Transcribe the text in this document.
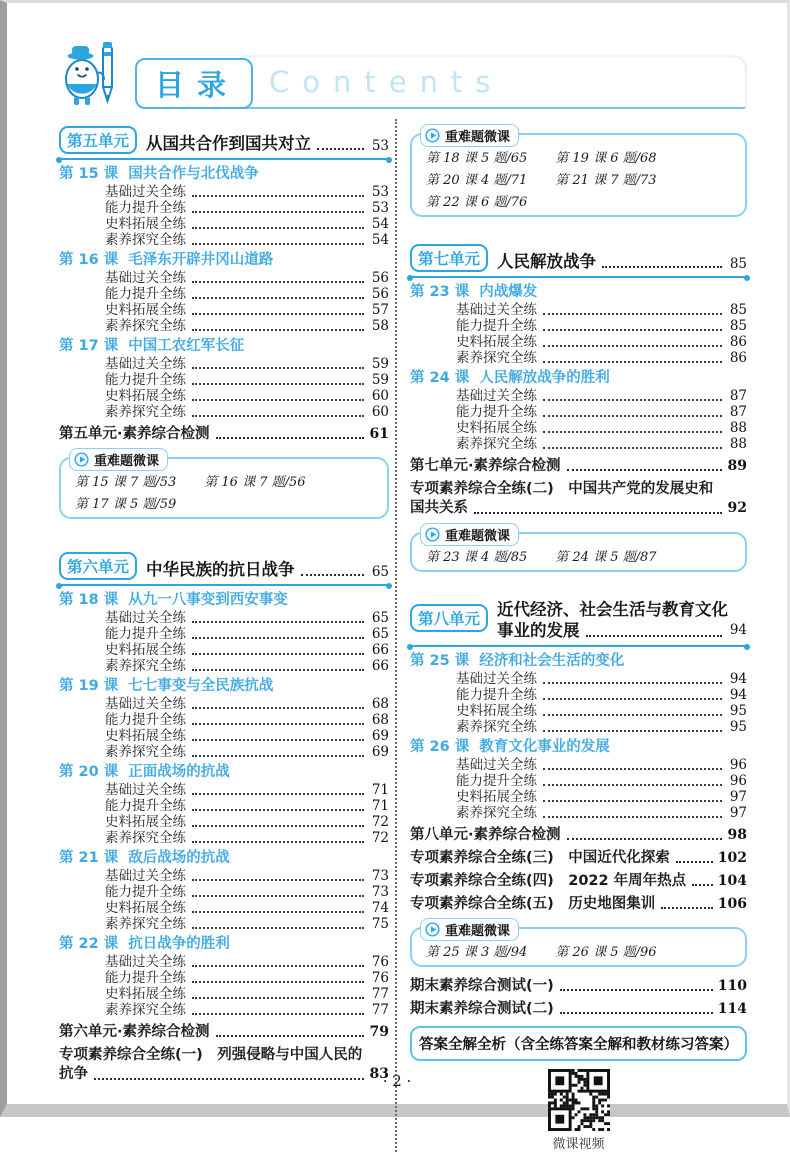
目录	Contents
第五单元	从国共合作到国共对立	53
第 15 课 国共合作与北伐战争
基础过关全练	53
能力提升全练	53
史料拓展全练	54
素养探究全练	54
第 16 课 毛泽东开辟井冈山道路
基础过关全练	56
能力提升全练	56
史料拓展全练	57
素养探究全练	58
第 17 课 中国工农红军长征
基础过关全练	59
能力提升全练	59
史料拓展全练	60
素养探究全练	60
第五单元·素养综合检测	61
重难题微课
第 15 课 7 题/53 第 16 课 7 题/56
第 17 课 5 题/59
第六单元	中华民族的抗日战争	65
第 18 课 从九一八事变到西安事变
基础过关全练	65
能力提升全练	65
史料拓展全练	66
素养探究全练	66
第 19 课 七七事变与全民族抗战
基础过关全练	68
能力提升全练	68
史料拓展全练	69
素养探究全练	69
第 20 课 正面战场的抗战
基础过关全练	71
能力提升全练	71
史料拓展全练	72
素养探究全练	72
第 21 课 敌后战场的抗战
基础过关全练	73
能力提升全练	73
史料拓展全练	74
素养探究全练	75
第 22 课 抗日战争的胜利
基础过关全练	76
能力提升全练	76
史料拓展全练	77
素养探究全练	77
第六单元·素养综合检测	79
专项素养综合全练(一)　列强侵略与中国人民的
抗争	83
重难题微课
第 18 课 5 题/65 第 19 课 6 题/68
第 20 课 4 题/71 第 21 课 7 题/73
第 22 课 6 题/76
第七单元	人民解放战争	85
第 23 课 内战爆发
基础过关全练	85
能力提升全练	85
史料拓展全练	86
素养探究全练	86
第 24 课 人民解放战争的胜利
基础过关全练	87
能力提升全练	87
史料拓展全练	88
素养探究全练	88
第七单元·素养综合检测	89
专项素养综合全练(二)　中国共产党的发展史和
国共关系	92
重难题微课
第 23 课 4 题/85 第 24 课 5 题/87
第八单元	近代经济、社会生活与教育文化
事业的发展	94
第 25 课 经济和社会生活的变化
基础过关全练	94
能力提升全练	94
史料拓展全练	95
素养探究全练	95
第 26 课 教育文化事业的发展
基础过关全练	96
能力提升全练	96
史料拓展全练	97
素养探究全练	97
第八单元·素养综合检测	98
专项素养综合全练(三)　中国近代化探索	102
专项素养综合全练(四)　2022 年周年热点 104
专项素养综合全练(五)　历史地图集训	106
重难题微课
第 25 课 3 题/94 第 26 课 5 题/96
期末素养综合测试(一)	110
期末素养综合测试(二)	114
答案全解全析（含全练答案全解和教材练习答案）
微课视频
· 2 ·
